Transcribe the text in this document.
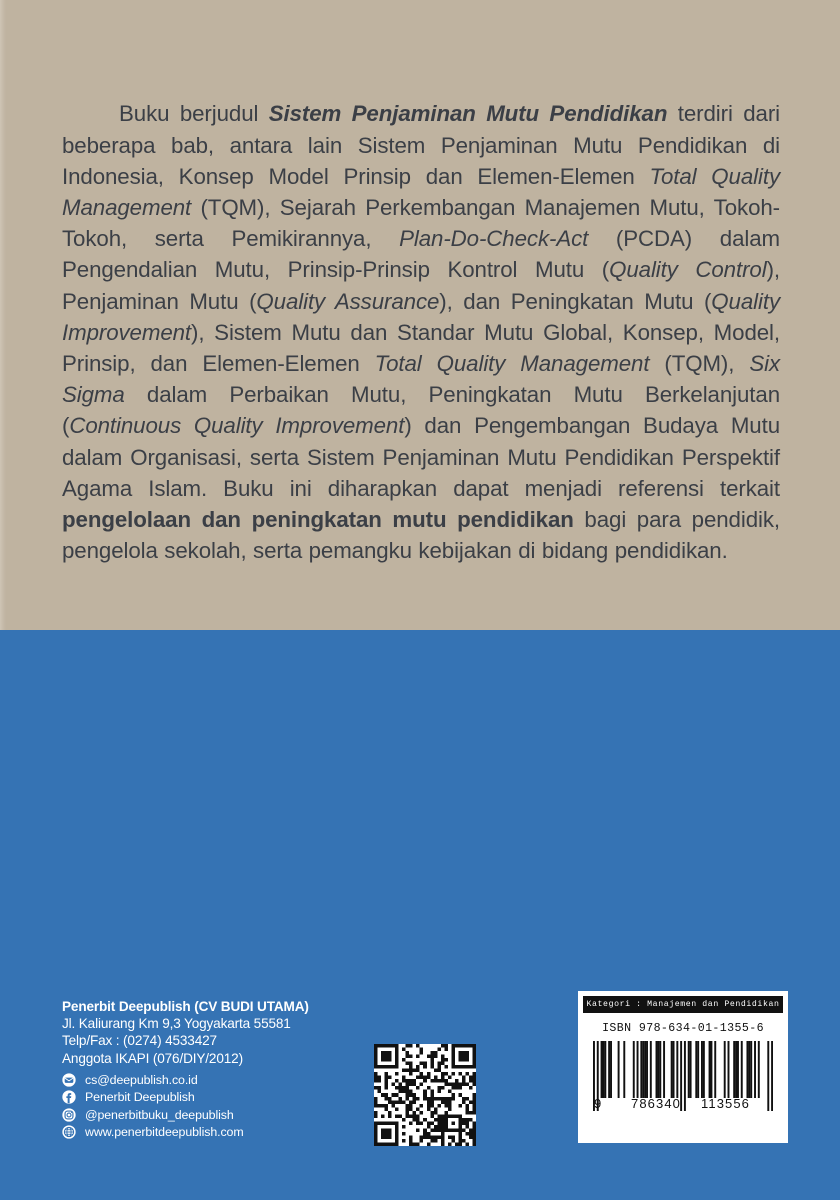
Buku berjudul Sistem Penjaminan Mutu Pendidikan terdiri dari beberapa bab, antara lain Sistem Penjaminan Mutu Pendidikan di Indonesia, Konsep Model Prinsip dan Elemen-Elemen Total Quality Management (TQM), Sejarah Perkembangan Manajemen Mutu, Tokoh-Tokoh, serta Pemikirannya, Plan-Do-Check-Act (PCDA) dalam Pengendalian Mutu, Prinsip-Prinsip Kontrol Mutu (Quality Control), Penjaminan Mutu (Quality Assurance), dan Peningkatan Mutu (Quality Improvement), Sistem Mutu dan Standar Mutu Global, Konsep, Model, Prinsip, dan Elemen-Elemen Total Quality Management (TQM), Six Sigma dalam Perbaikan Mutu, Peningkatan Mutu Berkelanjutan (Continuous Quality Improvement) dan Pengembangan Budaya Mutu dalam Organisasi, serta Sistem Penjaminan Mutu Pendidikan Perspektif Agama Islam. Buku ini diharapkan dapat menjadi referensi terkait pengelolaan dan peningkatan mutu pendidikan bagi para pendidik, pengelola sekolah, serta pemangku kebijakan di bidang pendidikan.

Penerbit Deepublish (CV BUDI UTAMA)
Jl. Kaliurang Km 9,3 Yogyakarta 55581
Telp/Fax : (0274) 4533427
Anggota IKAPI (076/DIY/2012)
cs@deepublish.co.id
Penerbit Deepublish
@penerbitbuku_deepublish
www.penerbitdeepublish.com
Kategori : Manajemen dan Pendidikan
ISBN 978-634-01-1355-6
9 786340 113556
